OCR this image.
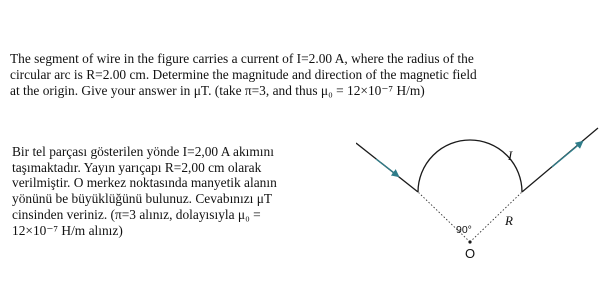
The segment of wire in the figure carries a current of I=2.00 A, where the radius of the
circular arc is R=2.00 cm. Determine the magnitude and direction of the magnetic field
at the origin. Give your answer in μT. (take π=3, and thus μ₀ = 12×10⁻⁷ H/m)

Bir tel parçası gösterilen yönde I=2,00 A akımını
taşımaktadır. Yayın yarıçapı R=2,00 cm olarak
verilmiştir. O merkez noktasında manyetik alanın
yönünü be büyüklüğünü bulunuz. Cevabınızı μT
cinsinden veriniz. (π=3 alınız, dolayısıyla μ₀ =
12×10⁻⁷ H/m alınız)

I
R
90°
O
